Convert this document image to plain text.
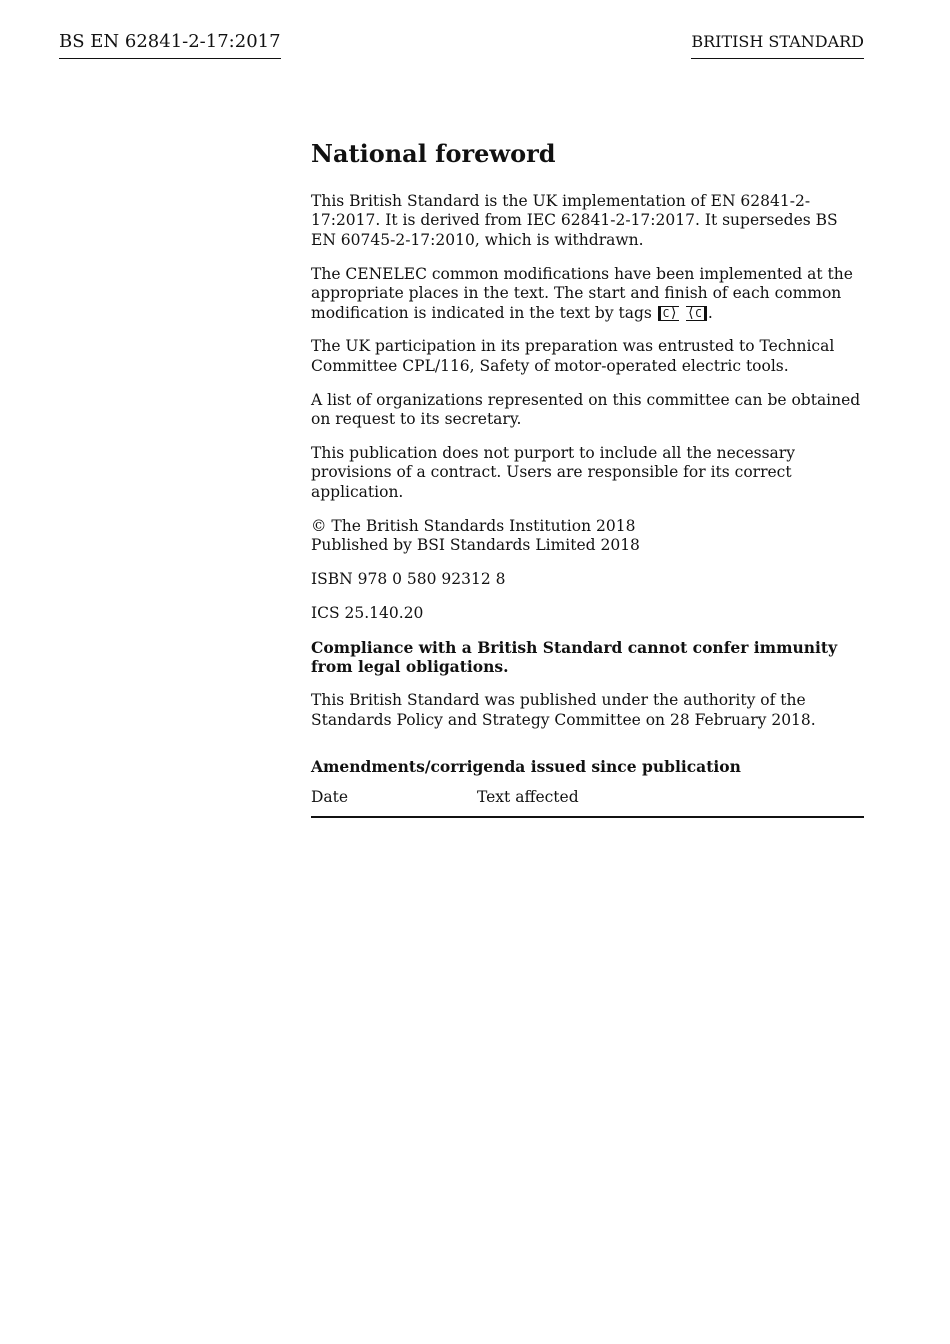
BS EN 62841-2-17:2017	BRITISH STANDARD
National foreword

This British Standard is the UK implementation of EN 62841-2-17:2017. It is derived from IEC 62841-2-17:2017. It supersedes BS EN 60745-2-17:2010, which is withdrawn.

The CENELEC common modifications have been implemented at the appropriate places in the text. The start and finish of each common modification is indicated in the text by tags C ⟩ ⟨ C .

The UK participation in its preparation was entrusted to Technical Committee CPL/116, Safety of motor-operated electric tools.

A list of organizations represented on this committee can be obtained on request to its secretary.

This publication does not purport to include all the necessary provisions of a contract. Users are responsible for its correct application.

© The British Standards Institution 2018
Published by BSI Standards Limited 2018

ISBN 978 0 580 92312 8

ICS 25.140.20

Compliance with a British Standard cannot confer immunity from legal obligations.

This British Standard was published under the authority of the Standards Policy and Strategy Committee on 28 February 2018.

Amendments/corrigenda issued since publication
Date	Text affected
